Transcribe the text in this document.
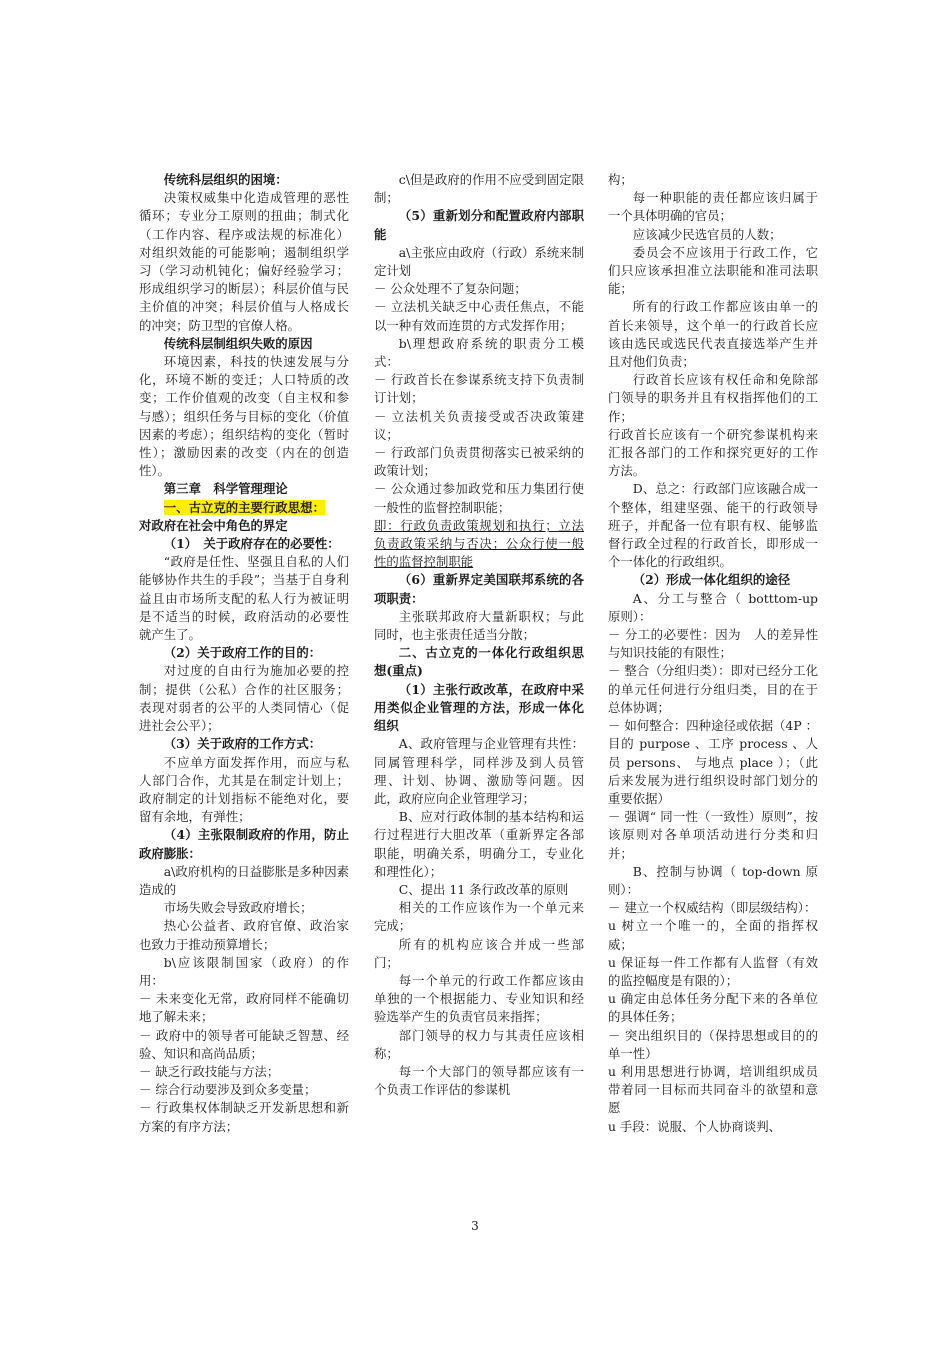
传统科层组织的困境：

决策权威集中化造成管理的恶性循环；专业分工原则的扭曲；制式化（工作内容、程序或法规的标准化）对组织效能的可能影响；遏制组织学习（学习动机钝化；偏好经验学习；形成组织学习的断层）；科层价值与民主价值的冲突；科层价值与人格成长的冲突；防卫型的官僚人格。

传统科层制组织失败的原因

环境因素，科技的快速发展与分化，环境不断的变迁；人口特质的改变；工作价值观的改变（自主权和参与感）；组织任务与目标的变化（价值因素的考虑）；组织结构的变化（暂时性）；激励因素的改变（内在的创造性）。

第三章　科学管理理论

一、古立克的主要行政思想：

对政府在社会中角色的界定

（1）　关于政府存在的必要性：

“政府是任性、坚强且自私的人们能够协作共生的手段”；当基于自身利益且由市场所支配的私人行为被证明是不适当的时候，政府活动的必要性就产生了。

（2）关于政府工作的目的：

对过度的自由行为施加必要的控制；提供（公私）合作的社区服务；表现对弱者的公平的人类同情心（促进社会公平）；

（3）关于政府的工作方式：

不应单方面发挥作用，而应与私人部门合作，尤其是在制定计划上；政府制定的计划指标不能绝对化，要留有余地，有弹性；

（4）主张限制政府的作用，防止政府膨胀：

a\政府机构的日益膨胀是多种因素造成的

市场失败会导致政府增长；

热心公益者、政府官僚、政治家也致力于推动预算增长；

b\应该限制国家（政府）的作用：

－ 未来变化无常，政府同样不能确切地了解未来；

－ 政府中的领导者可能缺乏智慧、经验、知识和高尚品质；

－ 缺乏行政技能与方法；

－ 综合行动要涉及到众多变量；

－ 行政集权体制缺乏开发新思想和新方案的有序方法；

c\但是政府的作用不应受到固定限制；

（5）重新划分和配置政府内部职能

a\主张应由政府（行政）系统来制定计划

－ 公众处理不了复杂问题；

－ 立法机关缺乏中心责任焦点，不能以一种有效而连贯的方式发挥作用；

b\理想政府系统的职责分工模式：

－ 行政首长在参谋系统支持下负责制订计划；

－ 立法机关负责接受或否决政策建议；

－ 行政部门负责贯彻落实已被采纳的政策计划；

－ 公众通过参加政党和压力集团行使一般性的监督控制职能；

即：行政负责政策规划和执行；立法负责政策采纳与否决；公众行使一般性的监督控制职能

（6）重新界定美国联邦系统的各项职责：

主张联邦政府大量新职权；与此同时，也主张责任适当分散；

二、古立克的一体化行政组织思想(重点)

（1）主张行政改革，在政府中采用类似企业管理的方法，形成一体化组织

A、政府管理与企业管理有共性：同属管理科学，同样涉及到人员管理、计划、协调、激励等问题。因此，政府应向企业管理学习；

B、应对行政体制的基本结构和运行过程进行大胆改革（重新界定各部职能，明确关系，明确分工，专业化和理性化）；

C、提出 11 条行政改革的原则

相关的工作应该作为一个单元来完成；

所有的机构应该合并成一些部门；

每一个单元的行政工作都应该由单独的一个根据能力、专业知识和经验选举产生的负责官员来指挥；

部门领导的权力与其责任应该相称；

每一个大部门的领导都应该有一个负责工作评估的参谋机

构；

每一种职能的责任都应该归属于一个具体明确的官员；

应该减少民选官员的人数；

委员会不应该用于行政工作，它们只应该承担准立法职能和准司法职能；

所有的行政工作都应该由单一的首长来领导，这个单一的行政首长应该由选民或选民代表直接选举产生并且对他们负责；

行政首长应该有权任命和免除部门领导的职务并且有权指挥他们的工作；

行政首长应该有一个研究参谋机构来汇报各部门的工作和探究更好的工作方法。

D、总之：行政部门应该融合成一个整体，组建坚强、能干的行政领导班子，并配备一位有职有权、能够监督行政全过程的行政首长，即形成一个一体化的行政组织。

（2）形成一体化组织的途径

A、分工与整合（ botttom-up 原则）：

－ 分工的必要性：因为　人的差异性与知识技能的有限性；

－ 整合（分组归类）：即对已经分工化的单元任何进行分组归类，目的在于总体协调；

－ 如何整合：四种途径或依据（4P ：目的 purpose 、工序 process 、人员 persons、 与地点 place ）；（此后来发展为进行组织设时部门划分的重要依据）

－ 强调“ 同一性（一致性）原则”，按该原则对各单项活动进行分类和归并；

B、控制与协调（ top-down 原则）：

－ 建立一个权威结构（即层级结构）：

u 树立一个唯一的，全面的指挥权威；

u 保证每一件工作都有人监督（有效的监控幅度是有限的）；

u 确定由总体任务分配下来的各单位的具体任务；

－ 突出组织目的（保持思想或目的的单一性）

u 利用思想进行协调，培训组织成员带着同一目标而共同奋斗的欲望和意愿

u 手段：说服、个人协商谈判、

3
